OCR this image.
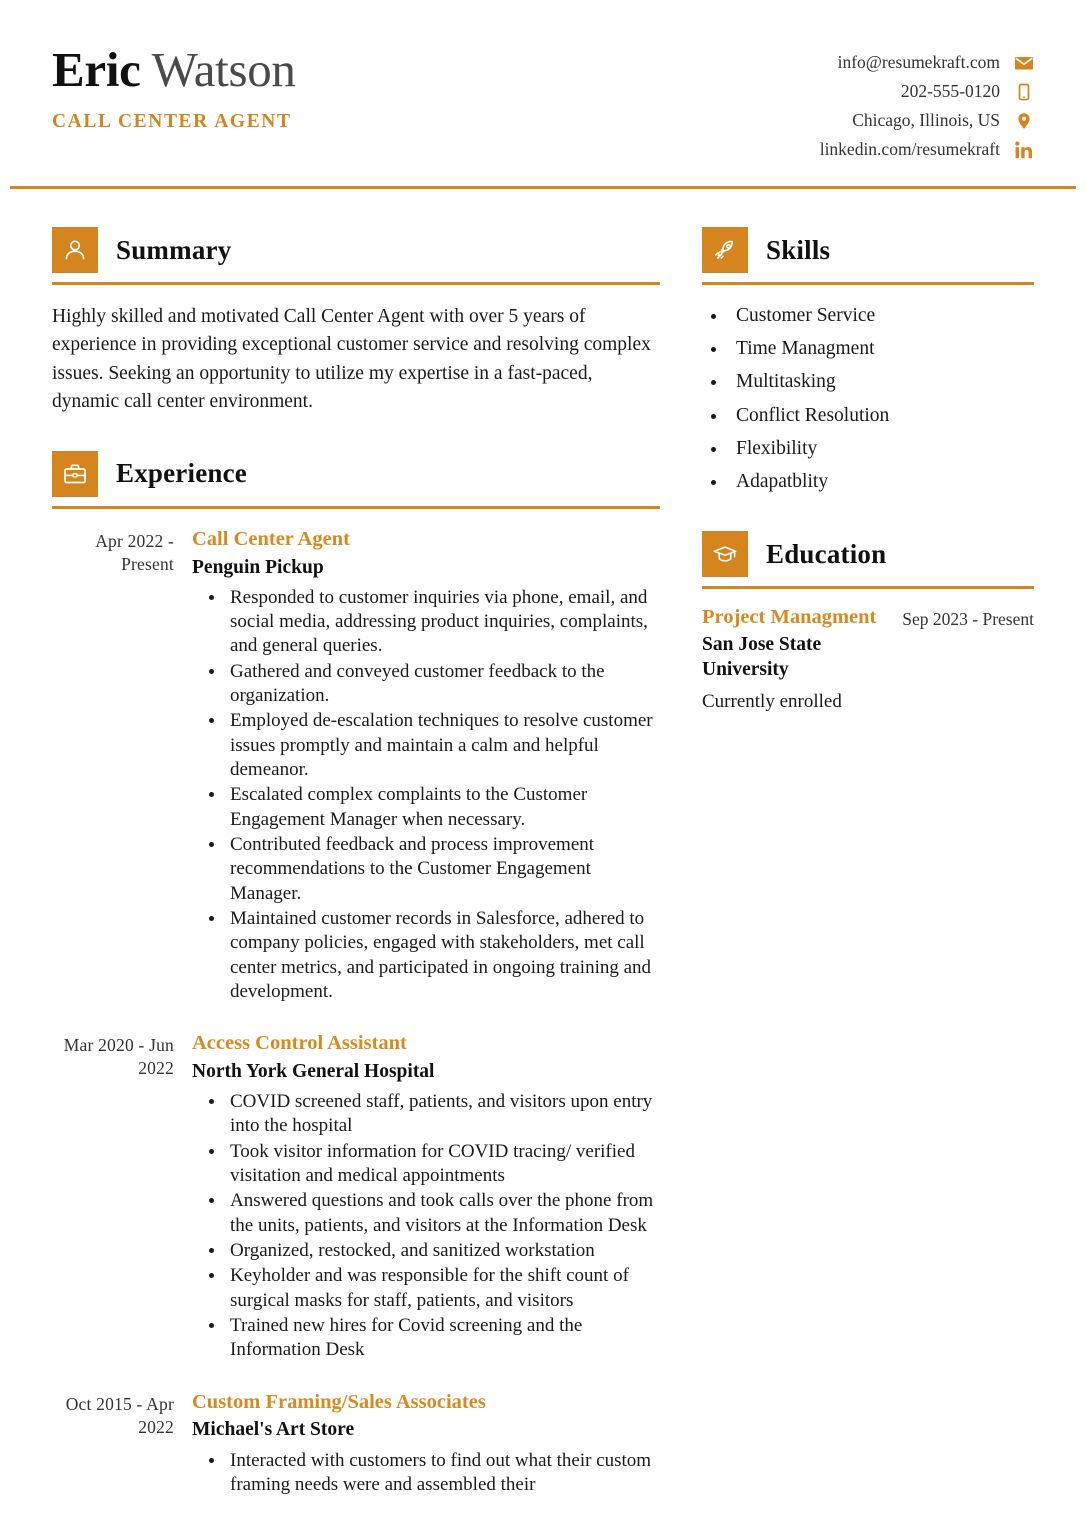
Eric Watson
CALL CENTER AGENT
info@resumekraft.com
202-555-0120
Chicago, Illinois, US
linkedin.com/resumekraft
Summary

Highly skilled and motivated Call Center Agent with over 5 years of experience in providing exceptional customer service and resolving complex issues. Seeking an opportunity to utilize my expertise in a fast-paced, dynamic call center environment.

Experience
Apr 2022 - Present
Call Center Agent
Penguin Pickup
• Responded to customer inquiries via phone, email, and social media, addressing product inquiries, complaints, and general queries.
• Gathered and conveyed customer feedback to the organization.
• Employed de-escalation techniques to resolve customer issues promptly and maintain a calm and helpful demeanor.
• Escalated complex complaints to the Customer Engagement Manager when necessary.
• Contributed feedback and process improvement recommendations to the Customer Engagement Manager.
• Maintained customer records in Salesforce, adhered to company policies, engaged with stakeholders, met call center metrics, and participated in ongoing training and development.
Mar 2020 - Jun 2022
Access Control Assistant
North York General Hospital
• COVID screened staff, patients, and visitors upon entry into the hospital
• Took visitor information for COVID tracing/ verified visitation and medical appointments
• Answered questions and took calls over the phone from the units, patients, and visitors at the Information Desk
• Organized, restocked, and sanitized workstation
• Keyholder and was responsible for the shift count of surgical masks for staff, patients, and visitors
• Trained new hires for Covid screening and the Information Desk
Oct 2015 - Apr 2022
Custom Framing/Sales Associates
Michael's Art Store
• Interacted with customers to find out what their custom framing needs were and assembled their
Skills
• Customer Service
• Time Managment
• Multitasking
• Conflict Resolution
• Flexibility
• Adapatblity
Education
Project Managment
San Jose State University
Currently enrolled
Sep 2023 - Present
